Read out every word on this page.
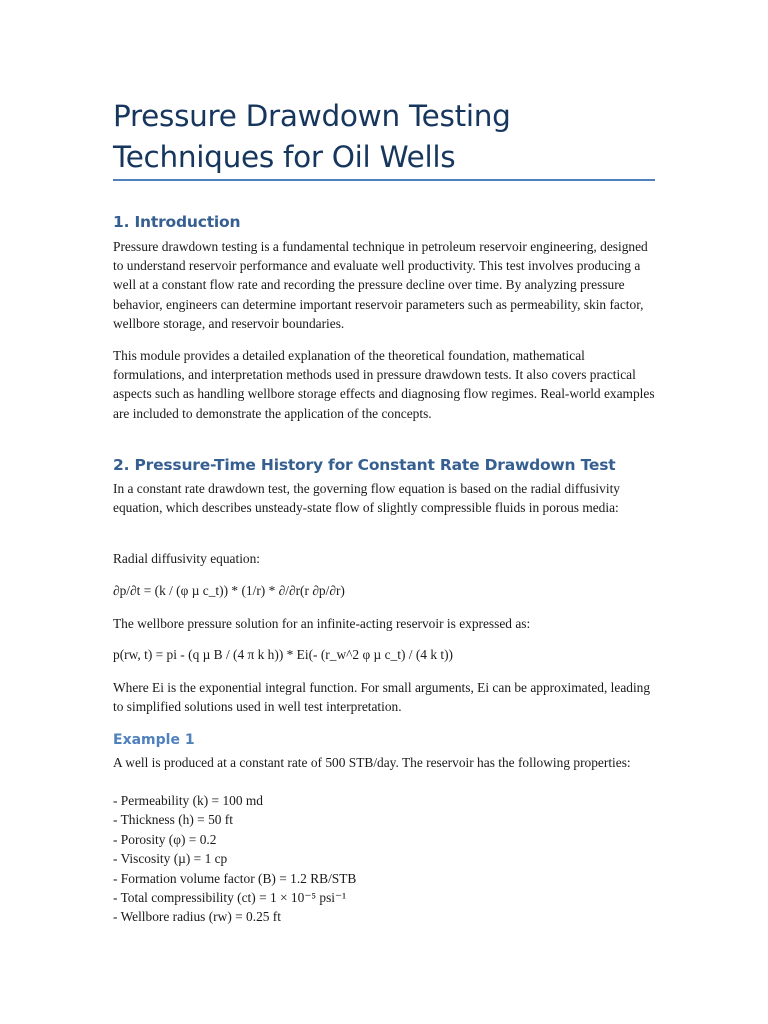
Pressure Drawdown Testing Techniques for Oil Wells
1. Introduction

Pressure drawdown testing is a fundamental technique in petroleum reservoir engineering, designed to understand reservoir performance and evaluate well productivity. This test involves producing a well at a constant flow rate and recording the pressure decline over time. By analyzing pressure behavior, engineers can determine important reservoir parameters such as permeability, skin factor, wellbore storage, and reservoir boundaries.

This module provides a detailed explanation of the theoretical foundation, mathematical formulations, and interpretation methods used in pressure drawdown tests. It also covers practical aspects such as handling wellbore storage effects and diagnosing flow regimes. Real-world examples are included to demonstrate the application of the concepts.

2. Pressure-Time History for Constant Rate Drawdown Test

In a constant rate drawdown test, the governing flow equation is based on the radial diffusivity equation, which describes unsteady-state flow of slightly compressible fluids in porous media:

Radial diffusivity equation:

∂p/∂t = (k / (φ µ c_t)) * (1/r) * ∂/∂r(r ∂p/∂r)

The wellbore pressure solution for an infinite-acting reservoir is expressed as:

p(rw, t) = pi - (q µ B / (4 π k h)) * Ei(- (r_w^2 φ µ c_t) / (4 k t))

Where Ei is the exponential integral function. For small arguments, Ei can be approximated, leading to simplified solutions used in well test interpretation.

Example 1

A well is produced at a constant rate of 500 STB/day. The reservoir has the following properties:

- Permeability (k) = 100 md
- Thickness (h) = 50 ft
- Porosity (φ) = 0.2
- Viscosity (µ) = 1 cp
- Formation volume factor (B) = 1.2 RB/STB
- Total compressibility (ct) = 1 × 10⁻⁵ psi⁻¹
- Wellbore radius (rw) = 0.25 ft
